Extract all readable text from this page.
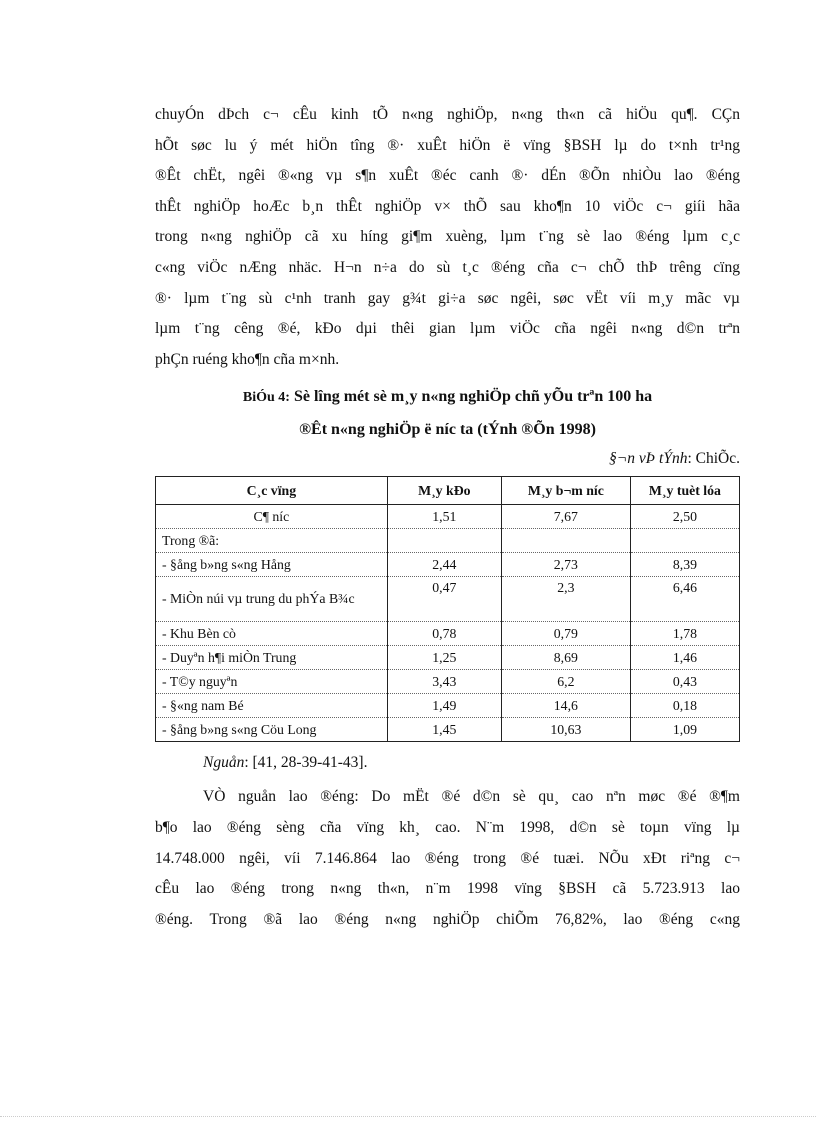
chuyÓn dÞch c¬ cÊu kinh tÕ n«ng nghiÖp, n«ng th«n cã hiÖu qu¶. CÇn
hÕt søc lu ý mét hiÖn tîng ®· xuÊt hiÖn ë vïng §BSH lµ do t×nh tr¹ng
®Êt chËt, ngêi ®«ng vµ s¶n xuÊt ®éc canh ®· dÉn ®Õn nhiÒu lao ®éng
thÊt nghiÖp hoÆc b¸n thÊt nghiÖp v× thÕ sau kho¶n 10 viÖc c¬ giíi hãa
trong n«ng nghiÖp cã xu híng gi¶m xuèng, lµm t¨ng sè lao ®éng lµm c¸c
c«ng viÖc nÆng nhäc. H¬n n÷a do sù t¸c ®éng cña c¬ chÕ thÞ trêng cïng
®· lµm t¨ng sù c¹nh tranh gay g¾t gi÷a søc ngêi, søc vËt víi m¸y mãc vµ
lµm t¨ng cêng ®é, kÐo dµi thêi gian lµm viÖc cña ngêi n«ng d©n trªn
phÇn ruéng kho¶n cña m×nh.
BiÓu 4: Sè lîng mét sè m¸y n«ng nghiÖp chñ yÕu trªn 100 ha
®Êt n«ng nghiÖp ë níc ta (tÝnh ®Õn 1998)
§¬n vÞ tÝnh: ChiÕc.
C¸c vïng	M¸y kÐo	M¸y b¬m níc	M¸y tuèt lóa
C¶ níc	1,51	7,67	2,50
Trong ®ã:			
- §ång b»ng s«ng Hång	2,44	2,73	8,39
- MiÒn núi vµ trung du phÝa B¾c	0,47	2,3	6,46
- Khu Bèn cò	0,78	0,79	1,78
- Duyªn h¶i miÒn Trung	1,25	8,69	1,46
- T©y nguyªn	3,43	6,2	0,43
- §«ng nam Bé	1,49	14,6	0,18
- §ång b»ng s«ng Cöu Long	1,45	10,63	1,09
Nguån: [41, 28-39-41-43].
VÒ nguån lao ®éng: Do mËt ®é d©n sè qu¸ cao nªn møc ®é ®¶m
b¶o lao ®éng sèng cña vïng kh¸ cao. N¨m 1998, d©n sè toµn vïng lµ
14.748.000 ngêi, víi 7.146.864 lao ®éng trong ®é tuæi. NÕu xÐt riªng c¬
cÊu lao ®éng trong n«ng th«n, n¨m 1998 vïng §BSH cã 5.723.913 lao
®éng. Trong ®ã lao ®éng n«ng nghiÖp chiÕm 76,82%, lao ®éng c«ng
